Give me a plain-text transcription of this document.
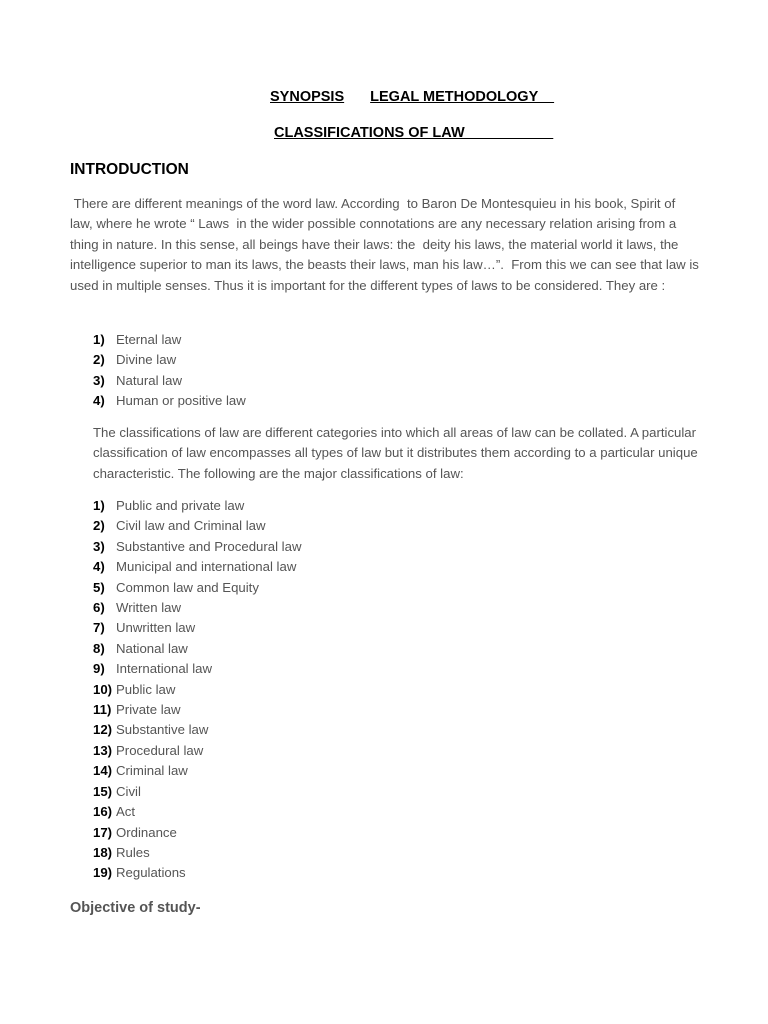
SYNOPSIS LEGAL METHODOLOGY
CLASSIFICATIONS OF LAW
INTRODUCTION
There are different meanings of the word law. According  to Baron De Montesquieu in his book, Spirit of law, where he wrote “ Laws  in the wider possible connotations are any necessary relation arising from a thing in nature. In this sense, all beings have their laws: the  deity his laws, the material world it laws, the intelligence superior to man its laws, the beasts their laws, man his law…”.  From this we can see that law is used in multiple senses. Thus it is important for the different types of laws to be considered. They are :
1) Eternal law
2) Divine law
3) Natural law
4) Human or positive law
The classifications of law are different categories into which all areas of law can be collated. A particular classification of law encompasses all types of law but it distributes them according to a particular unique characteristic. The following are the major classifications of law:
1) Public and private law
2) Civil law and Criminal law
3) Substantive and Procedural law
4) Municipal and international law
5) Common law and Equity
6) Written law
7) Unwritten law
8) National law
9) International law
10) Public law
11) Private law
12) Substantive law
13) Procedural law
14) Criminal law
15) Civil
16) Act
17) Ordinance
18) Rules
19) Regulations
Objective of study-
